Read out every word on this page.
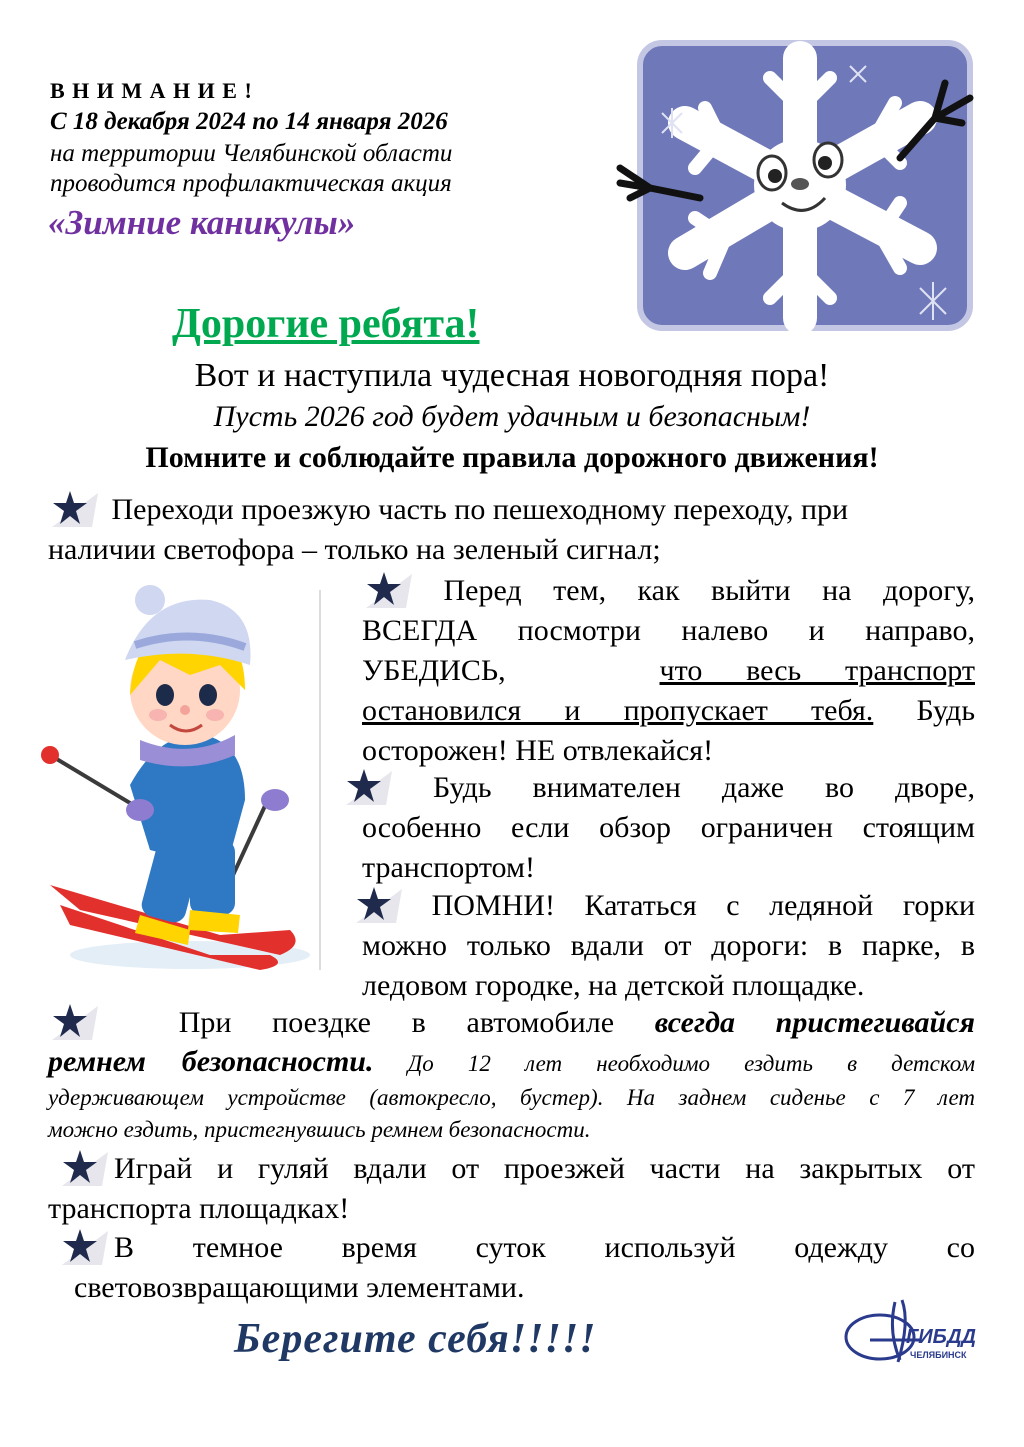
В Н И М А Н И Е !
С 18 декабря 2024 по 14 января 2026
на территории Челябинской области
проводится профилактическая акция
«Зимние каникулы»
Дорогие ребята!
Вот и наступила чудесная новогодняя пора!
Пусть 2026 год будет удачным и безопасным!
Помните и соблюдайте правила дорожного движения!
Переходи проезжую часть по пешеходному переходу, при
наличии светофора – только на зеленый сигнал;
Перед тем, как выйти на дорогу,
ВСЕГДА посмотри налево и направо,
УБЕДИСЬ,	что весь транспорт
остановился и пропускает тебя. Будь
осторожен! НЕ отвлекайся!
Будь внимателен даже во дворе,
особенно если обзор ограничен стоящим
транспортом!
ПОМНИ! Кататься с ледяной горки
можно только вдали от дороги: в парке, в
ледовом городке, на детской площадке.
При поездке в автомобиле всегда пристегивайся
ремнем безопасности. До 12 лет необходимо ездить в детском
удерживающем устройстве (автокресло, бустер). На заднем сиденье с 7 лет
можно ездить, пристегнувшись ремнем безопасности.
Играй и гуляй вдали от проезжей части на закрытых от
транспорта площадках!
В темное время суток используй одежду со
световозвращающими элементами.
Берегите себя!!!!!	ГИБДД
ЧЕЛЯБИНСК
